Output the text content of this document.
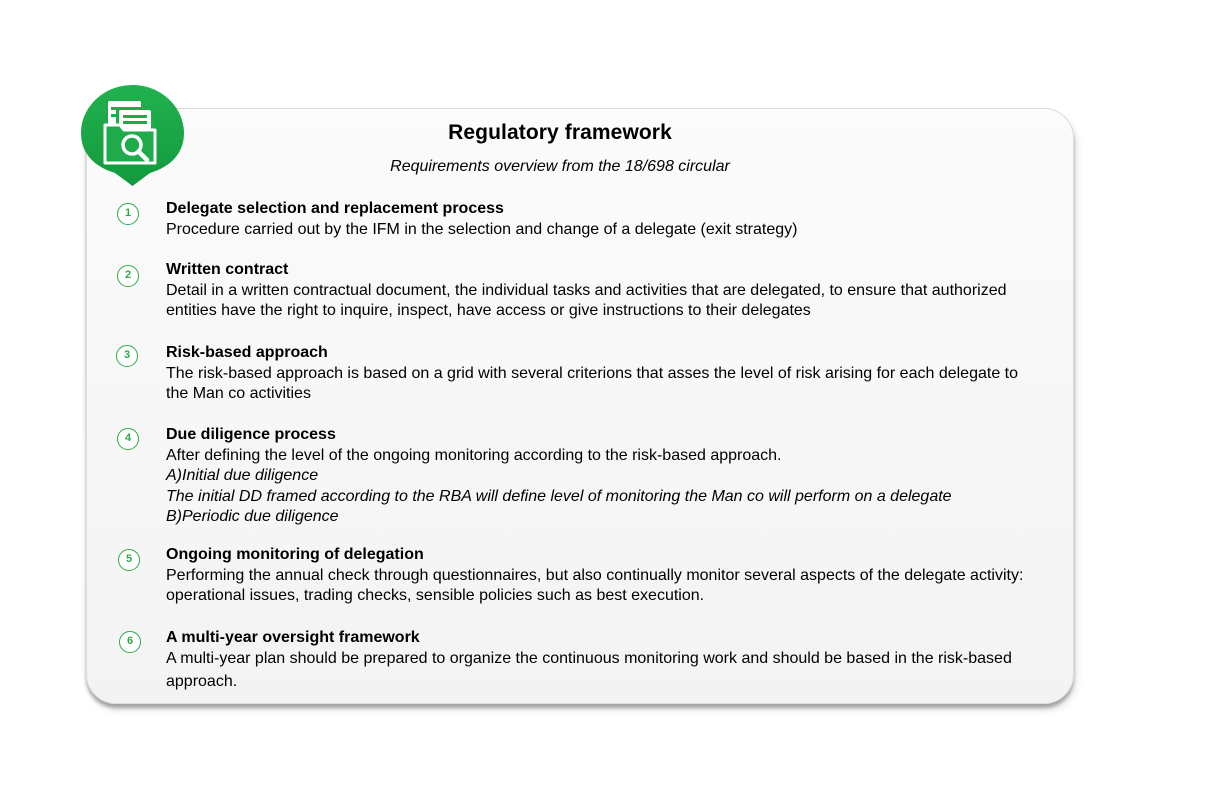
Regulatory framework
Requirements overview from the 18/698 circular
1	Delegate selection and replacement process
Procedure carried out by the IFM in the selection and change of a delegate (exit strategy)
2	Written contract
Detail in a written contractual document, the individual tasks and activities that are delegated, to ensure that authorized
entities have the right to inquire, inspect, have access or give instructions to their delegates
3	Risk-based approach
The risk-based approach is based on a grid with several criterions that asses the level of risk arising for each delegate to
the Man co activities
4	Due diligence process
After defining the level of the ongoing monitoring according to the risk-based approach.
A)Initial due diligence
The initial DD framed according to the RBA will define level of monitoring the Man co will perform on a delegate
B)Periodic due diligence
5	Ongoing monitoring of delegation
Performing the annual check through questionnaires, but also continually monitor several aspects of the delegate activity:
operational issues, trading checks, sensible policies such as best execution.
6	A multi-year oversight framework
A multi-year plan should be prepared to organize the continuous monitoring work and should be based in the risk-based
approach.
